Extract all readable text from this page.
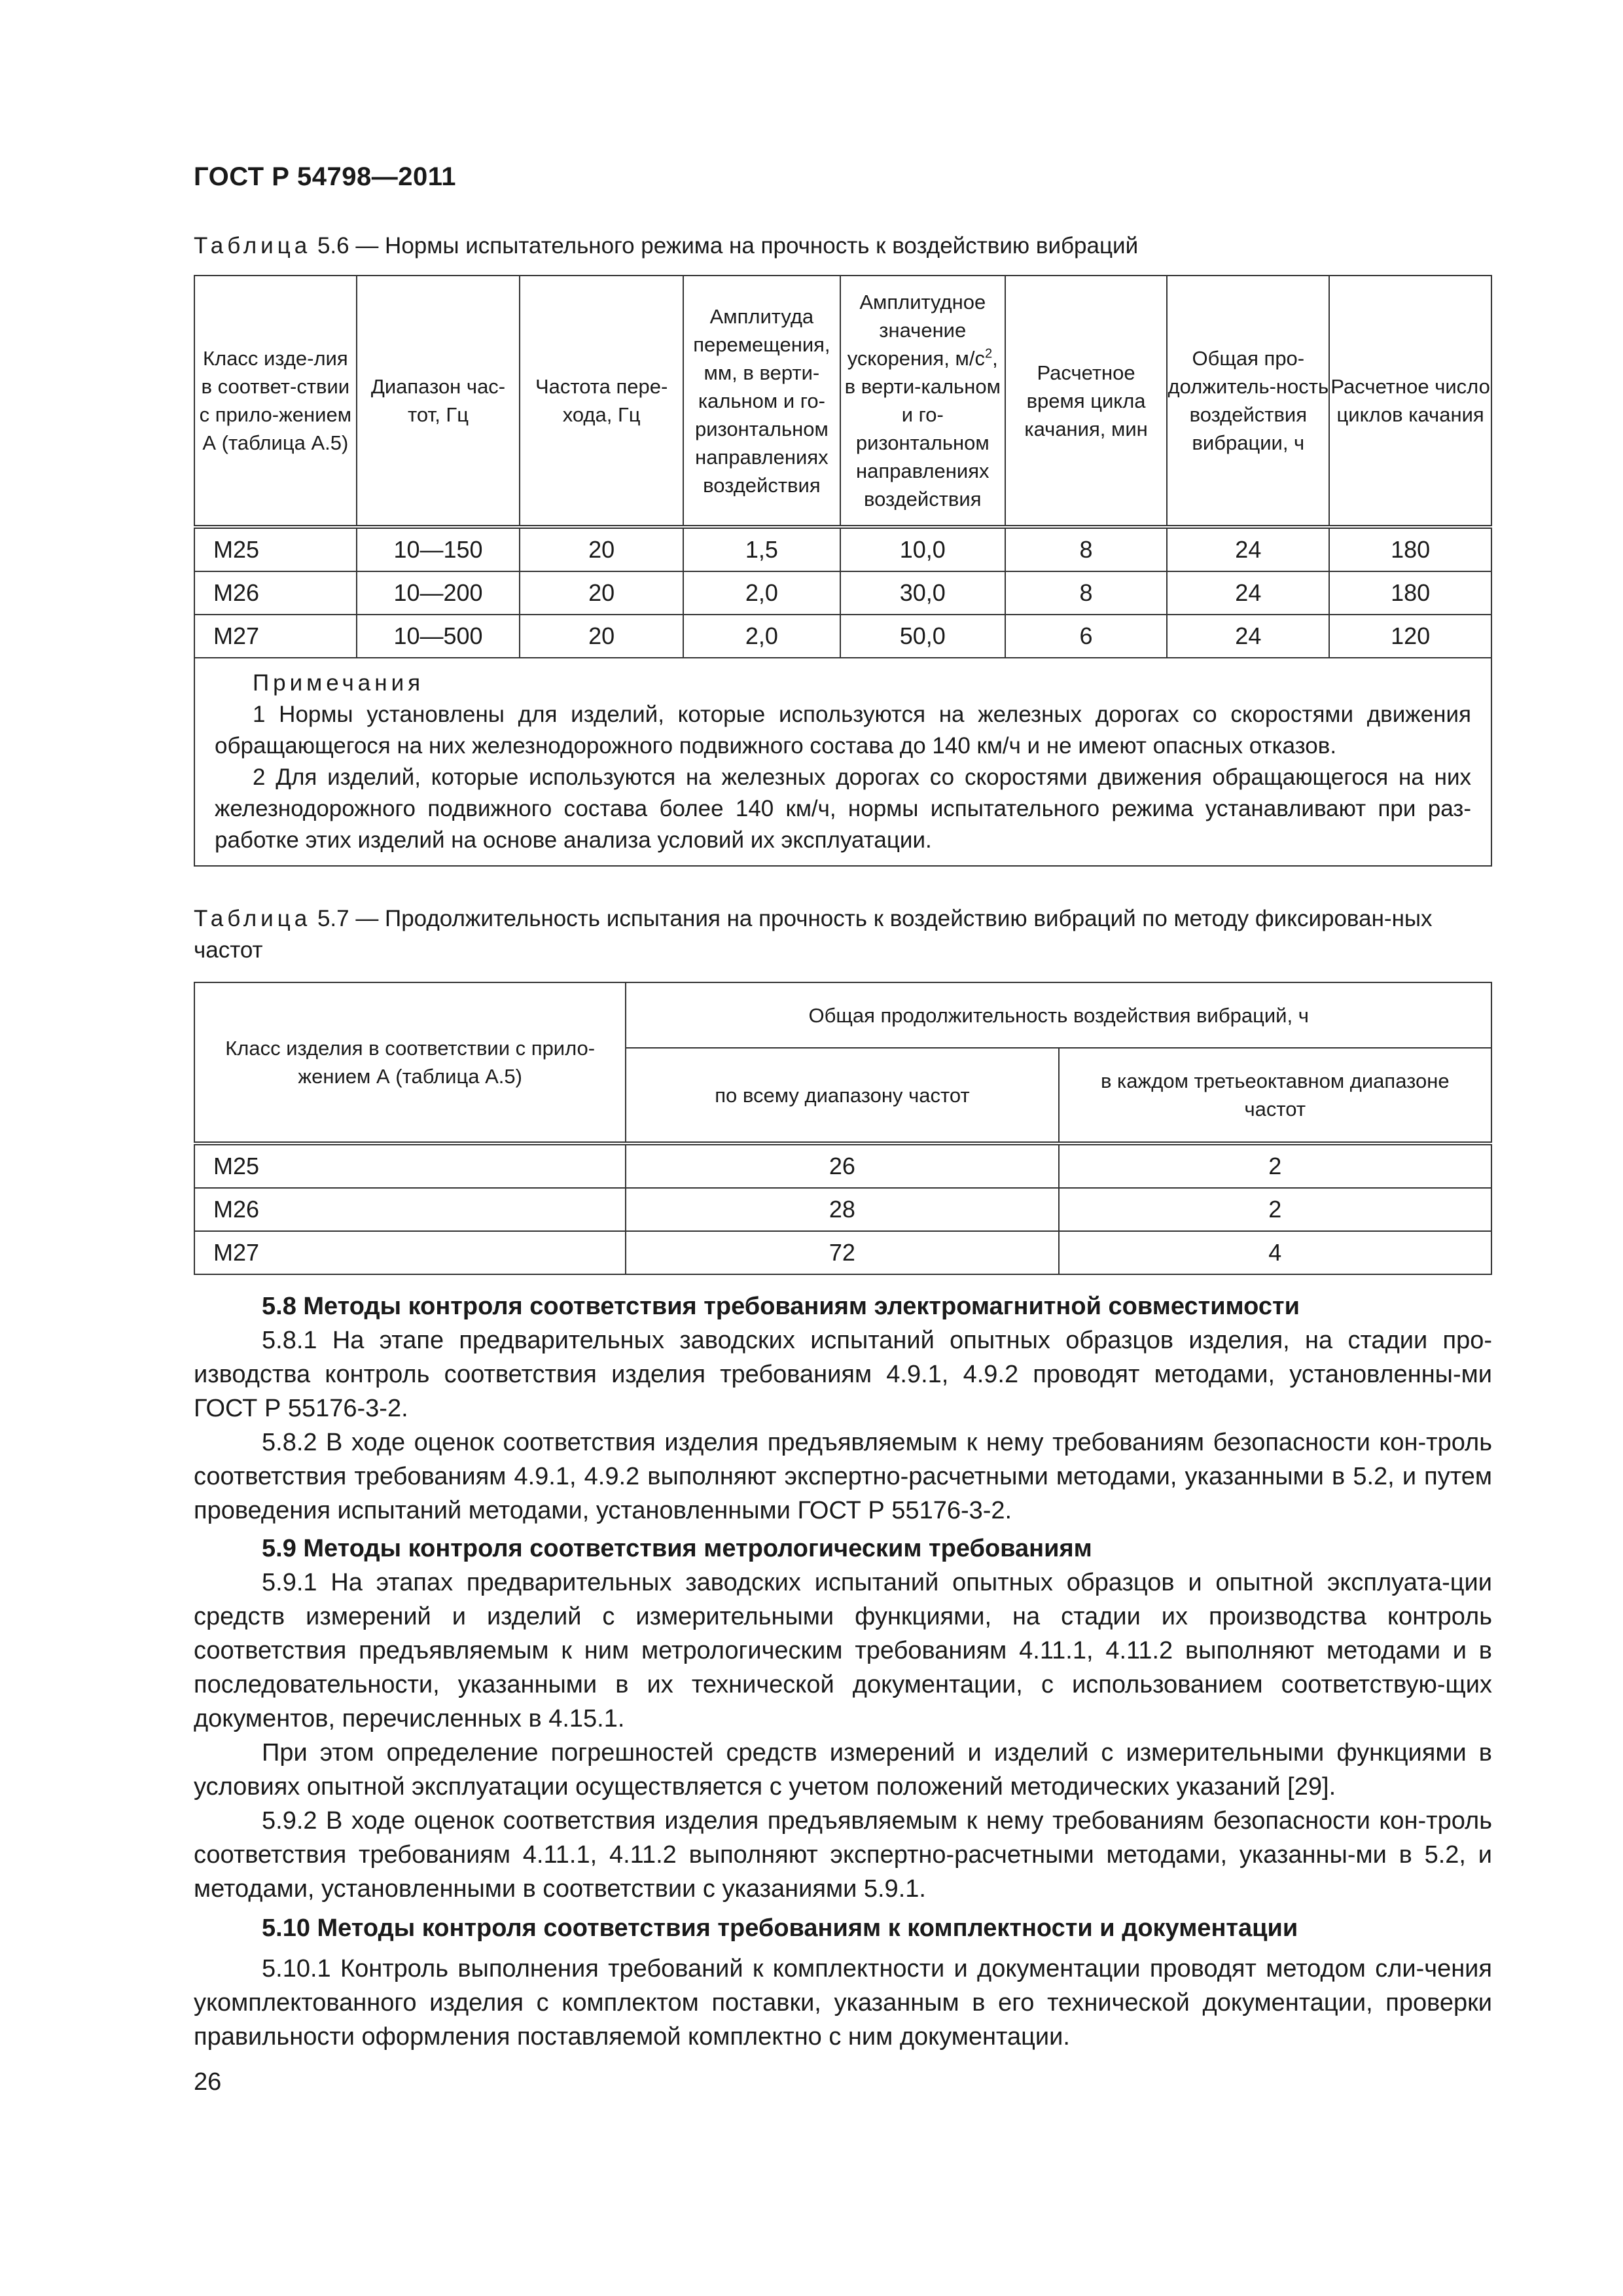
ГОСТ Р 54798—2011
Таблица 5.6 — Нормы испытательного режима на прочность к воздействию вибраций
Класс изде-лия в соответ-ствии с прило-жением А (таблица А.5)	Диапазон час-тот, Гц	Частота пере-хода, Гц	Амплитуда перемещения, мм, в верти-кальном и го-ризонтальном направлениях воздействия	Амплитудное значение ускорения, $м/с^2$, в верти-кальном и го-ризонтальном направлениях воздействия	Расчетное время цикла качания, мин	Общая про-должитель-ность воздействия вибрации, ч	Расчетное число циклов качания
М25	10—150	20	1,5	10,0	8	24	180
М26	10—200	20	2,0	30,0	8	24	180
М27	10—500	20	2,0	50,0	6	24	120

Примечания

1 Нормы установлены для изделий, которые используются на железных дорогах со скоростями движения обращающегося на них железнодорожного подвижного состава до 140 км/ч и не имеют опасных отказов.

2 Для изделий, которые используются на железных дорогах со скоростями движения обращающегося на них железнодорожного подвижного состава более 140 км/ч, нормы испытательного режима устанавливают при раз-работке этих изделий на основе анализа условий их эксплуатации.							

Таблица 5.7 — Продолжительность испытания на прочность к воздействию вибраций по методу фиксирован-ных частот
Класс изделия в соответствии с прило-жением А (таблица А.5)	Общая продолжительность воздействия вибраций, ч	
	по всему диапазону частот	в каждом третьеоктавном диапазоне частот
М25	26	2
М26	28	2
М27	72	4
5.8 Методы контроля соответствия требованиям электромагнитной совместимости

5.8.1 На этапе предварительных заводских испытаний опытных образцов изделия, на стадии про-изводства контроль соответствия изделия требованиям 4.9.1, 4.9.2 проводят методами, установленны-ми ГОСТ Р 55176-3-2.

5.8.2 В ходе оценок соответствия изделия предъявляемым к нему требованиям безопасности кон-троль соответствия требованиям 4.9.1, 4.9.2 выполняют экспертно-расчетными методами, указанными в 5.2, и путем проведения испытаний методами, установленными ГОСТ Р 55176-3-2.

5.9 Методы контроля соответствия метрологическим требованиям

5.9.1 На этапах предварительных заводских испытаний опытных образцов и опытной эксплуата-ции средств измерений и изделий с измерительными функциями, на стадии их производства контроль соответствия предъявляемым к ним метрологическим требованиям 4.11.1, 4.11.2 выполняют методами и в последовательности, указанными в их технической документации, с использованием соответствую-щих документов, перечисленных в 4.15.1.

При этом определение погрешностей средств измерений и изделий с измерительными функциями в условиях опытной эксплуатации осуществляется с учетом положений методических указаний [29].

5.9.2 В ходе оценок соответствия изделия предъявляемым к нему требованиям безопасности кон-троль соответствия требованиям 4.11.1, 4.11.2 выполняют экспертно-расчетными методами, указанны-ми в 5.2, и методами, установленными в соответствии с указаниями 5.9.1.

5.10 Методы контроля соответствия требованиям к комплектности и документации

5.10.1 Контроль выполнения требований к комплектности и документации проводят методом сли-чения укомплектованного изделия с комплектом поставки, указанным в его технической документации, проверки правильности оформления поставляемой комплектно с ним документации.

26
